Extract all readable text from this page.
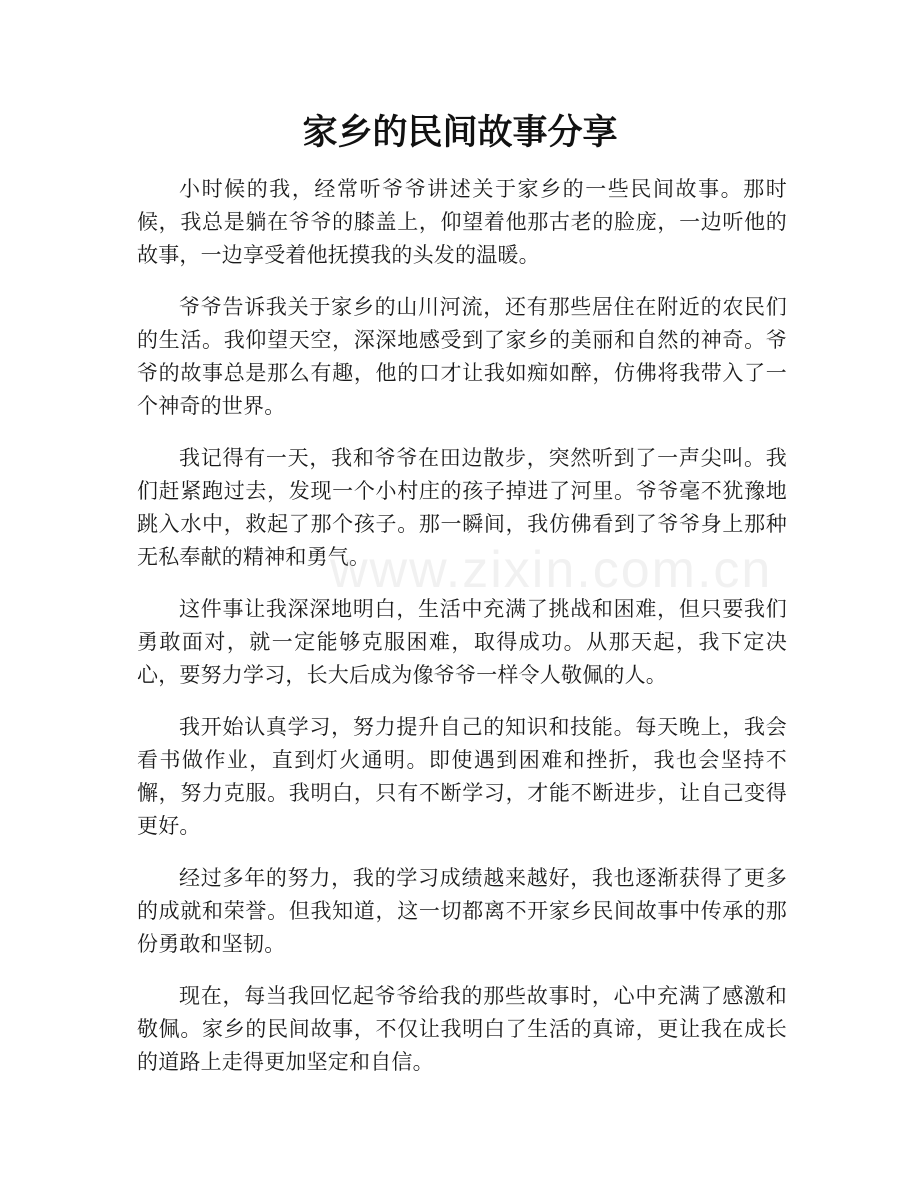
家乡的民间故事分享

小时候的我，经常听爷爷讲述关于家乡的一些民间故事。那时候，我总是躺在爷爷的膝盖上，仰望着他那古老的脸庞，一边听他的故事，一边享受着他抚摸我的头发的温暖。

爷爷告诉我关于家乡的山川河流，还有那些居住在附近的农民们的生活。我仰望天空，深深地感受到了家乡的美丽和自然的神奇。爷爷的故事总是那么有趣，他的口才让我如痴如醉，仿佛将我带入了一个神奇的世界。

我记得有一天，我和爷爷在田边散步，突然听到了一声尖叫。我们赶紧跑过去，发现一个小村庄的孩子掉进了河里。爷爷毫不犹豫地跳入水中，救起了那个孩子。那一瞬间，我仿佛看到了爷爷身上那种无私奉献的精神和勇气。

这件事让我深深地明白，生活中充满了挑战和困难，但只要我们勇敢面对，就一定能够克服困难，取得成功。从那天起，我下定决心，要努力学习，长大后成为像爷爷一样令人敬佩的人。

我开始认真学习，努力提升自己的知识和技能。每天晚上，我会看书做作业，直到灯火通明。即使遇到困难和挫折，我也会坚持不懈，努力克服。我明白，只有不断学习，才能不断进步，让自己变得更好。

经过多年的努力，我的学习成绩越来越好，我也逐渐获得了更多的成就和荣誉。但我知道，这一切都离不开家乡民间故事中传承的那份勇敢和坚韧。

现在，每当我回忆起爷爷给我的那些故事时，心中充满了感激和敬佩。家乡的民间故事，不仅让我明白了生活的真谛，更让我在成长的道路上走得更加坚定和自信。

www.zixin.com.cn
